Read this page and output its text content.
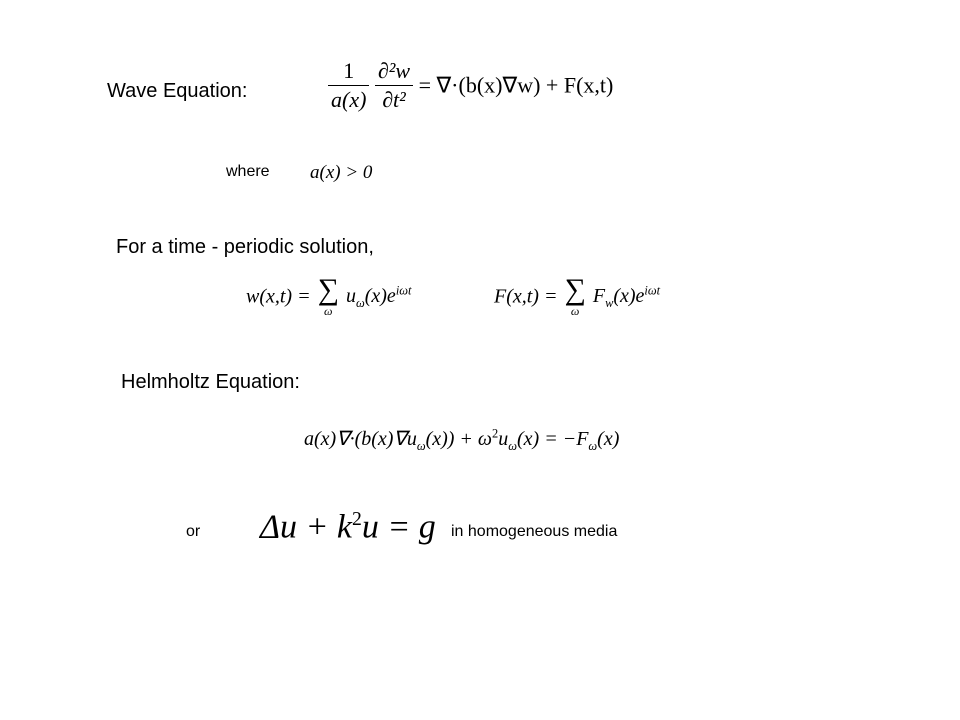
Wave Equation:	$\frac{1}{a(x)}$
$\frac{\text{∂²w}}{\text{∂t²}} = \nabla\cdot(b(x)\nabla w) + F(x,t)$
where a(x) > 0
For a time - periodic solution,
w(x,t) = ∑
ω
$u_\omega(x)e^{i\omega t}$	F(x,t) = ∑
ω
$F_w(x)e^{i\omega t}$
Helmholtz Equation:
$a(x)\nabla\cdot(b(x)\nabla u_\omega(x)) + \omega^2u_\omega(x) = -F_\omega(x)$
or $\Delta u + k^2u = g$ in homogeneous media
